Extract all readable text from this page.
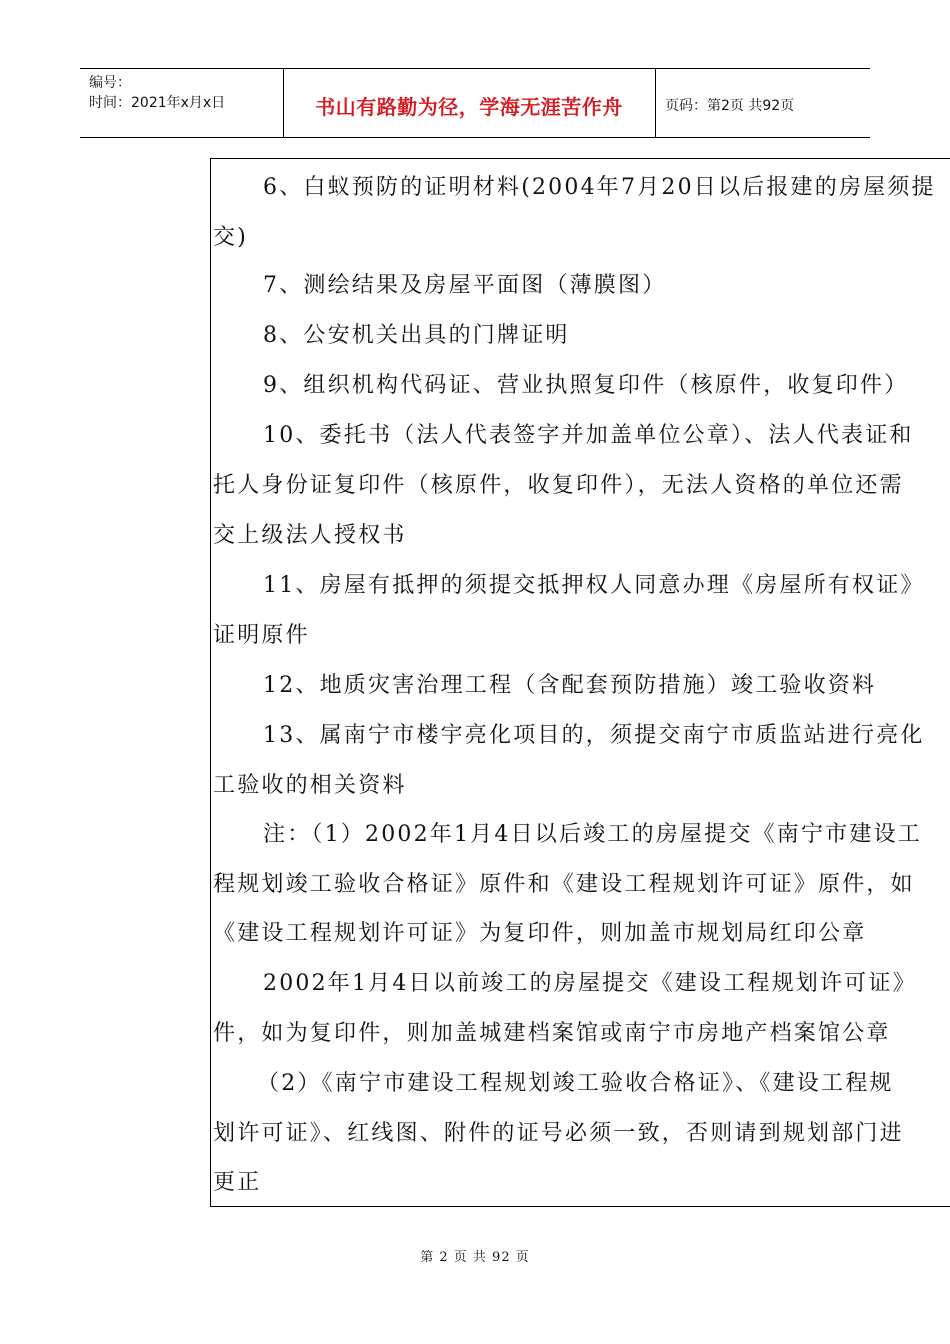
编号：
时间：2021年x月x日	书山有路勤为径，学海无涯苦作舟	页码：第2页 共92页
6、白蚁预防的证明材料(2004年7月20日以后报建的房屋须提
交)
7、测绘结果及房屋平面图（薄膜图）
8、公安机关出具的门牌证明
9、组织机构代码证、营业执照复印件（核原件，收复印件）
10、委托书（法人代表签字并加盖单位公章）、法人代表证和
托人身份证复印件（核原件，收复印件），无法人资格的单位还需
交上级法人授权书
11、房屋有抵押的须提交抵押权人同意办理《房屋所有权证》
证明原件
12、地质灾害治理工程（含配套预防措施）竣工验收资料
13、属南宁市楼宇亮化项目的，须提交南宁市质监站进行亮化
工验收的相关资料
注：（1）2002年1月4日以后竣工的房屋提交《南宁市建设工
程规划竣工验收合格证》原件和《建设工程规划许可证》原件，如
《建设工程规划许可证》为复印件，则加盖市规划局红印公章
2002年1月4日以前竣工的房屋提交《建设工程规划许可证》
件，如为复印件，则加盖城建档案馆或南宁市房地产档案馆公章
（2）《南宁市建设工程规划竣工验收合格证》、《建设工程规
划许可证》、红线图、附件的证号必须一致，否则请到规划部门进
更正
第 2 页 共 92 页
